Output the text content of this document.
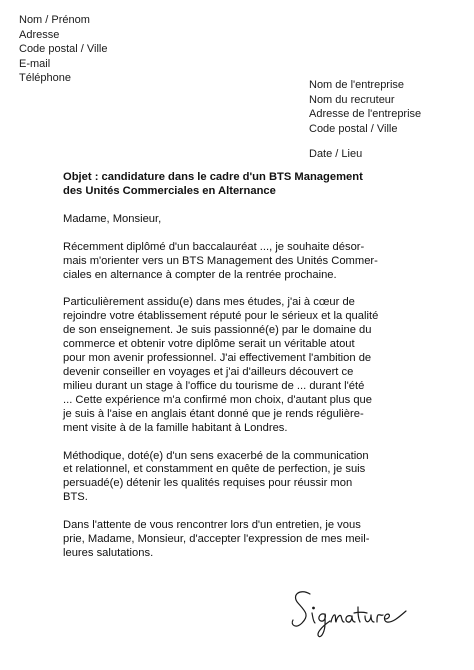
Nom / Prénom
Adresse
Code postal / Ville
E-mail
Téléphone
Nom de l'entreprise
Nom du recruteur
Adresse de l'entreprise
Code postal / Ville
Date / Lieu
Objet : candidature dans le cadre d'un BTS Management
des Unités Commerciales en Alternance
Madame, Monsieur,
Récemment diplômé d'un baccalauréat ..., je souhaite désor-
mais m'orienter vers un BTS Management des Unités Commer-
ciales en alternance à compter de la rentrée prochaine.
Particulièrement assidu(e) dans mes études, j'ai à cœur de
rejoindre votre établissement réputé pour le sérieux et la qualité
de son enseignement. Je suis passionné(e) par le domaine du
commerce et obtenir votre diplôme serait un véritable atout
pour mon avenir professionnel. J'ai effectivement l'ambition de
devenir conseiller en voyages et j'ai d'ailleurs découvert ce
milieu durant un stage à l'office du tourisme de ... durant l'été
... Cette expérience m'a confirmé mon choix, d'autant plus que
je suis à l'aise en anglais étant donné que je rends régulière-
ment visite à de la famille habitant à Londres.
Méthodique, doté(e) d'un sens exacerbé de la communication
et relationnel, et constamment en quête de perfection, je suis
persuadé(e) détenir les qualités requises pour réussir mon
BTS.
Dans l'attente de vous rencontrer lors d'un entretien, je vous
prie, Madame, Monsieur, d'accepter l'expression de mes meil-
leures salutations.
